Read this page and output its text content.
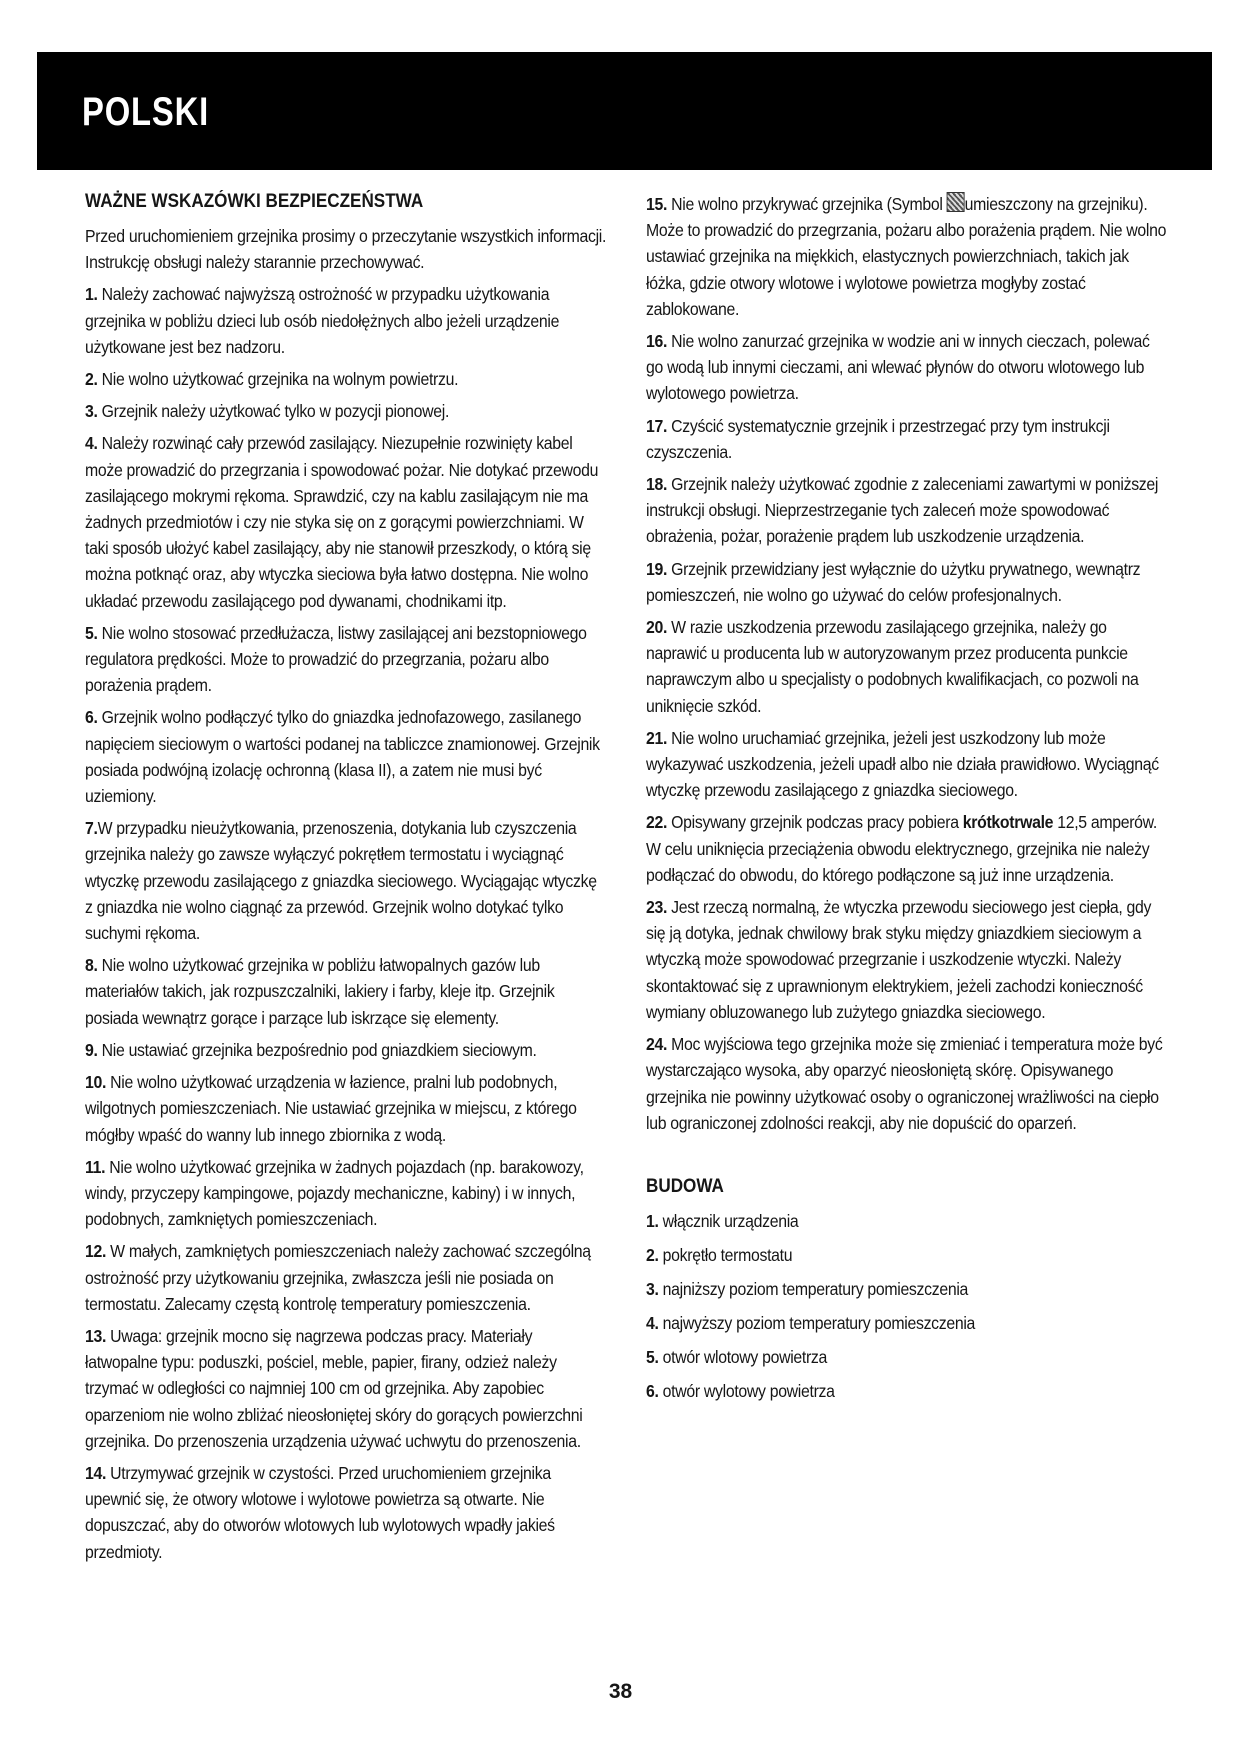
POLSKI
WAŻNE WSKAZÓWKI BEZPIECZEŃSTWA

Przed uruchomieniem grzejnika prosimy o przeczytanie wszystkich informacji. Instrukcję obsługi należy starannie przechowywać.

1. Należy zachować najwyższą ostrożność w przypadku użytkowania grzejnika w pobliżu dzieci lub osób niedołężnych albo jeżeli urządzenie użytkowane jest bez nadzoru.

2. Nie wolno użytkować grzejnika na wolnym powietrzu.

3. Grzejnik należy użytkować tylko w pozycji pionowej.

4. Należy rozwinąć cały przewód zasilający. Niezupełnie rozwinięty kabel może prowadzić do przegrzania i spowodować pożar. Nie dotykać przewodu zasilającego mokrymi rękoma. Sprawdzić, czy na kablu zasilającym nie ma żadnych przedmiotów i czy nie styka się on z gorącymi powierzchniami. W taki sposób ułożyć kabel zasilający, aby nie stanowił przeszkody, o którą się można potknąć oraz, aby wtyczka sieciowa była łatwo dostępna. Nie wolno układać przewodu zasilającego pod dywanami, chodnikami itp.

5. Nie wolno stosować przedłużacza, listwy zasilającej ani bezstopniowego regulatora prędkości. Może to prowadzić do przegrzania, pożaru albo porażenia prądem.

6. Grzejnik wolno podłączyć tylko do gniazdka jednofazowego, zasilanego napięciem sieciowym o wartości podanej na tabliczce znamionowej. Grzejnik posiada podwójną izolację ochronną (klasa II), a zatem nie musi być uziemiony.

7.W przypadku nieużytkowania, przenoszenia, dotykania lub czyszczenia grzejnika należy go zawsze wyłączyć pokrętłem termostatu i wyciągnąć wtyczkę przewodu zasilającego z gniazdka sieciowego. Wyciągając wtyczkę z gniazdka nie wolno ciągnąć za przewód. Grzejnik wolno dotykać tylko suchymi rękoma.

8. Nie wolno użytkować grzejnika w pobliżu łatwopalnych gazów lub materiałów takich, jak rozpuszczalniki, lakiery i farby, kleje itp. Grzejnik posiada wewnątrz gorące i parzące lub iskrzące się elementy.

9. Nie ustawiać grzejnika bezpośrednio pod gniazdkiem sieciowym.

10. Nie wolno użytkować urządzenia w łazience, pralni lub podobnych, wilgotnych pomieszczeniach. Nie ustawiać grzejnika w miejscu, z którego mógłby wpaść do wanny lub innego zbiornika z wodą.

11. Nie wolno użytkować grzejnika w żadnych pojazdach (np. barakowozy, windy, przyczepy kampingowe, pojazdy mechaniczne, kabiny) i w innych, podobnych, zamkniętych pomieszczeniach.

12. W małych, zamkniętych pomieszczeniach należy zachować szczególną ostrożność przy użytkowaniu grzejnika, zwłaszcza jeśli nie posiada on termostatu. Zalecamy częstą kontrolę temperatury pomieszczenia.

13. Uwaga: grzejnik mocno się nagrzewa podczas pracy. Materiały łatwopalne typu: poduszki, pościel, meble, papier, firany, odzież należy trzymać w odległości co najmniej 100 cm od grzejnika. Aby zapobiec oparzeniom nie wolno zbliżać nieosłoniętej skóry do gorących powierzchni grzejnika. Do przenoszenia urządzenia używać uchwytu do przenoszenia.

14. Utrzymywać grzejnik w czystości. Przed uruchomieniem grzejnika upewnić się, że otwory wlotowe i wylotowe powietrza są otwarte. Nie dopuszczać, aby do otworów wlotowych lub wylotowych wpadły jakieś przedmioty.

15. Nie wolno przykrywać grzejnika (Symbol umieszczony na grzejniku). Może to prowadzić do przegrzania, pożaru albo porażenia prądem. Nie wolno ustawiać grzejnika na miękkich, elastycznych powierzchniach, takich jak łóżka, gdzie otwory wlotowe i wylotowe powietrza mogłyby zostać zablokowane.

16. Nie wolno zanurzać grzejnika w wodzie ani w innych cieczach, polewać go wodą lub innymi cieczami, ani wlewać płynów do otworu wlotowego lub wylotowego powietrza.

17. Czyścić systematycznie grzejnik i przestrzegać przy tym instrukcji czyszczenia.

18. Grzejnik należy użytkować zgodnie z zaleceniami zawartymi w poniższej instrukcji obsługi. Nieprzestrzeganie tych zaleceń może spowodować obrażenia, pożar, porażenie prądem lub uszkodzenie urządzenia.

19. Grzejnik przewidziany jest wyłącznie do użytku prywatnego, wewnątrz pomieszczeń, nie wolno go używać do celów profesjonalnych.

20. W razie uszkodzenia przewodu zasilającego grzejnika, należy go naprawić u producenta lub w autoryzowanym przez producenta punkcie naprawczym albo u specjalisty o podobnych kwalifikacjach, co pozwoli na uniknięcie szkód.

21. Nie wolno uruchamiać grzejnika, jeżeli jest uszkodzony lub może wykazywać uszkodzenia, jeżeli upadł albo nie działa prawidłowo. Wyciągnąć wtyczkę przewodu zasilającego z gniazdka sieciowego.

22. Opisywany grzejnik podczas pracy pobiera krótkotrwale 12,5 amperów. W celu uniknięcia przeciążenia obwodu elektrycznego, grzejnika nie należy podłączać do obwodu, do którego podłączone są już inne urządzenia.

23. Jest rzeczą normalną, że wtyczka przewodu sieciowego jest ciepła, gdy się ją dotyka, jednak chwilowy brak styku między gniazdkiem sieciowym a wtyczką może spowodować przegrzanie i uszkodzenie wtyczki. Należy skontaktować się z uprawnionym elektrykiem, jeżeli zachodzi konieczność wymiany obluzowanego lub zużytego gniazdka sieciowego.

24. Moc wyjściowa tego grzejnika może się zmieniać i temperatura może być wystarczająco wysoka, aby oparzyć nieosłoniętą skórę. Opisywanego grzejnika nie powinny użytkować osoby o ograniczonej wrażliwości na ciepło lub ograniczonej zdolności reakcji, aby nie dopuścić do oparzeń.

BUDOWA

1. włącznik urządzenia

2. pokrętło termostatu

3. najniższy poziom temperatury pomieszczenia

4. najwyższy poziom temperatury pomieszczenia

5. otwór wlotowy powietrza

6. otwór wylotowy powietrza

38
